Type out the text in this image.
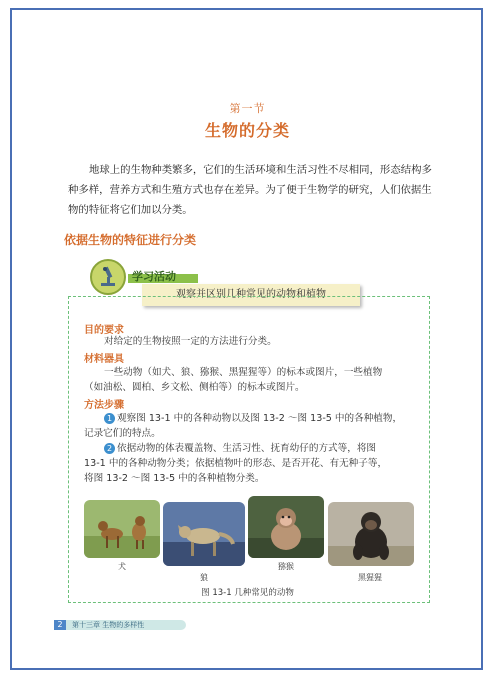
第一节
生物的分类
地球上的生物种类繁多，它们的生活环境和生活习性不尽相同，形态结构多种多样，营养方式和生殖方式也存在差异。为了便于生物学的研究，人们依据生物的特征将它们加以分类。
依据生物的特征进行分类
学习活动
观察并区别几种常见的动物和植物
目的要求
对给定的生物按照一定的方法进行分类。
材料器具
一些动物（如犬、狼、猕猴、黑猩猩等）的标本或图片，一些植物
（如油松、圆柏、乡文松、侧柏等）的标本或图片。
方法步骤
1 观察图 13-1 中的各种动物以及图 13-2 ～图 13-5 中的各种植物，
记录它们的特点。
2 依据动物的体表覆盖物、生活习性、抚育幼仔的方式等，将图
13-1 中的各种动物分类；依据植物叶的形态、是否开花、有无种子等，
将图 13-2 ～图 13-5 中的各种植物分类。
犬
狼
猕猴
黑猩猩
图 13-1 几种常见的动物
2	第十三章 生物的多样性
